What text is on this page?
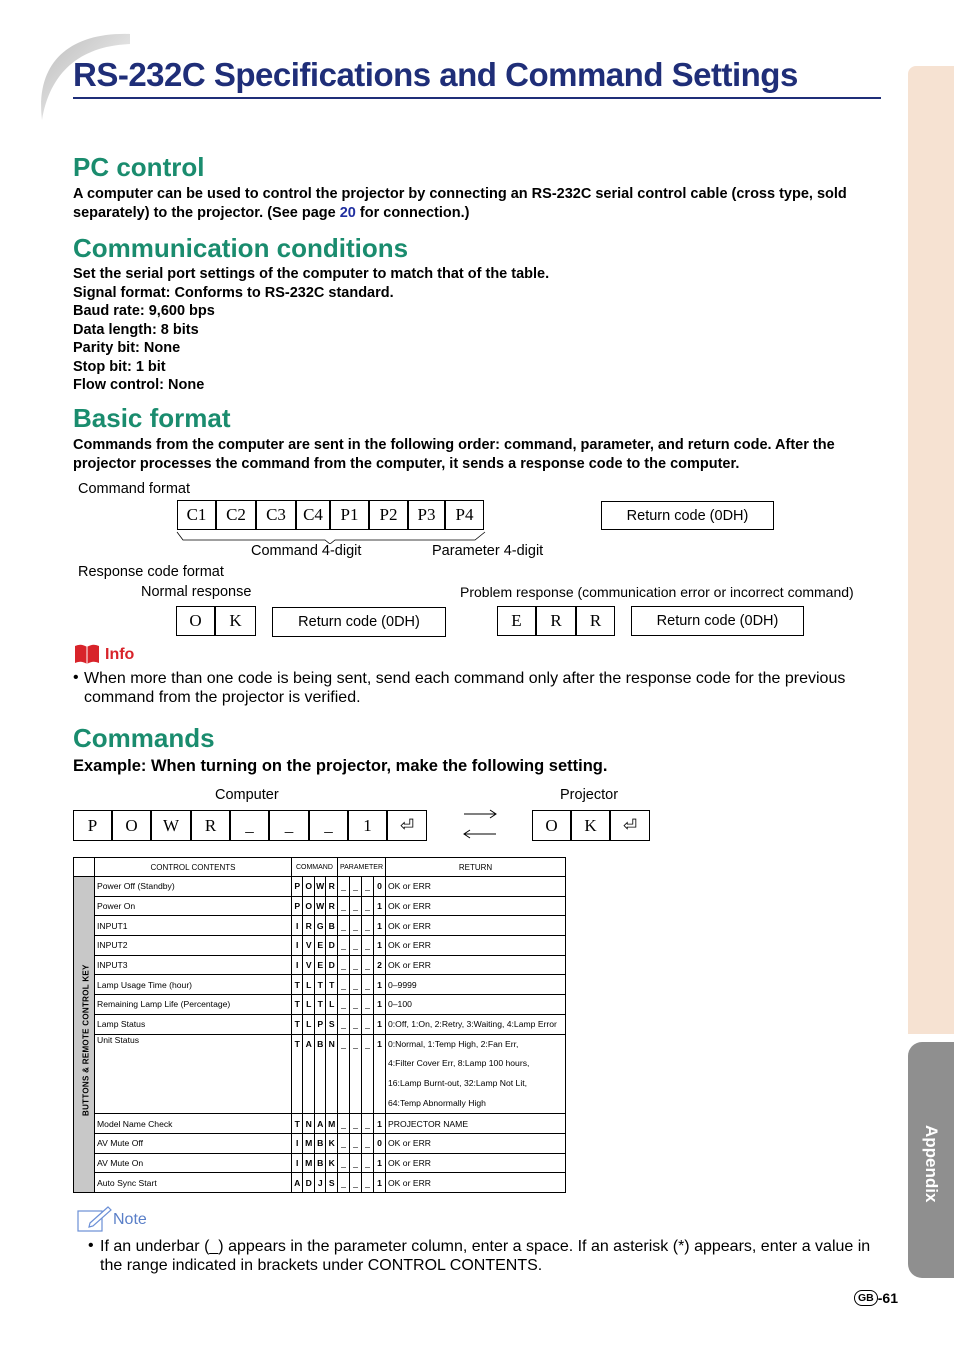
RS-232C Specifications and Command Settings
Appendix
PC control
A computer can be used to control the projector by connecting an RS-232C serial control cable (cross type, sold separately) to the projector. (See page 20 for connection.)
Communication conditions
Set the serial port settings of the computer to match that of the table.
Signal format: Conforms to RS-232C standard.
Baud rate: 9,600 bps
Data length: 8 bits
Parity bit: None
Stop bit: 1 bit
Flow control: None
Basic format
Commands from the computer are sent in the following order: command, parameter, and return code. After the projector processes the command from the computer, it sends a response code to the computer.
Command format
C1	C2	C3	C4	P1	P2	P3	P4	Return code (0DH)
Command 4-digit	Parameter 4-digit
Response code format
Normal response	Problem response (communication error or incorrect command)
O	K	Return code (0DH)	E	R	R	Return code (0DH)
Info
• When more than one code is being sent, send each command only after the response code for the previous command from the projector is verified.
Commands
Example: When turning on the projector, make the following setting.
Computer	Projector
P	O	W	R	_	_	_	1	⏎	O	K	⏎
	CONTROL CONTENTS	COMMAND				PARAMETER				RETURN
	Power Off (Standby)	P	O	W	R	_	_	_	0	OK or ERR
	Power On	P	O	W	R	_	_	_	1	OK or ERR
	INPUT1	I	R	G	B	_	_	_	1	OK or ERR
	INPUT2	I	V	E	D	_	_	_	1	OK or ERR
	INPUT3	I	V	E	D	_	_	_	2	OK or ERR
	Lamp Usage Time (hour)	T	L	T	T	_	_	_	1	0–9999
	Remaining Lamp Life (Percentage)	T	L	T	L	_	_	_	1	0–100
	Lamp Status	T	L	P	S	_	_	_	1	0:Off, 1:On, 2:Retry, 3:Waiting, 4:Lamp Error
	Unit Status	T	A	B	N	_	_	_	1	0:Normal, 1:Temp High, 2:Fan Err,
4:Filter Cover Err, 8:Lamp 100 hours,
16:Lamp Burnt-out, 32:Lamp Not Lit,
64:Temp Abnormally High

	Model Name Check	T	N	A	M	_	_	_	1	PROJECTOR NAME
	AV Mute Off	I	M	B	K	_	_	_	0	OK or ERR
	AV Mute On	I	M	B	K	_	_	_	1	OK or ERR
	Auto Sync Start	A	D	J	S	_	_	_	1	OK or ERR
BUTTONS & REMOTE CONTROL KEY
Note
• If an underbar (_) appears in the parameter column, enter a space. If an asterisk (*) appears, enter a value in the range indicated in brackets under CONTROL CONTENTS.
GB -61
